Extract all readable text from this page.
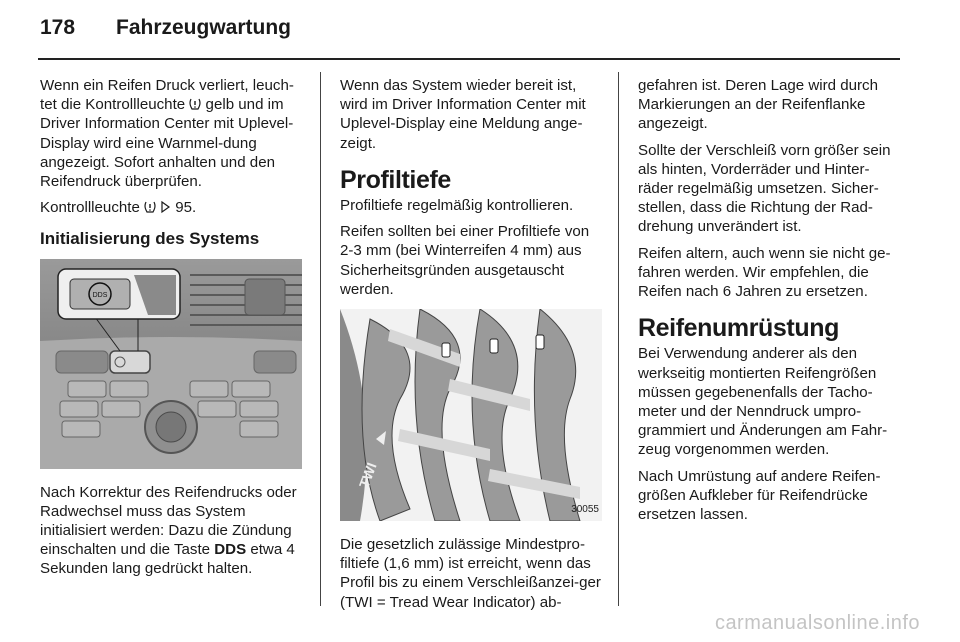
178	Fahrzeugwartung

Wenn ein Reifen Druck verliert, leuch-tet die Kontrollleuchte  gelb und im Driver Information Center mit Uplevel-Display wird eine Warnmel-dung angezeigt. Sofort anhalten und den Reifendruck überprüfen.

Kontrollleuchte  95.

Initialisierung des Systems
DDS

Nach Korrektur des Reifendrucks oder Radwechsel muss das System initialisiert werden: Dazu die Zündung einschalten und die Taste DDS etwa 4 Sekunden lang gedrückt halten.

Wenn das System wieder bereit ist, wird im Driver Information Center mit Uplevel-Display eine Meldung ange-zeigt.

Profiltiefe

Profiltiefe regelmäßig kontrollieren.

Reifen sollten bei einer Profiltiefe von 2-3 mm (bei Winterreifen 4 mm) aus Sicherheitsgründen ausgetauscht werden.

TWI
30055

Die gesetzlich zulässige Mindestpro-filtiefe (1,6 mm) ist erreicht, wenn das Profil bis zu einem Verschleißanzei-ger (TWI = Tread Wear Indicator) ab-

gefahren ist. Deren Lage wird durch Markierungen an der Reifenflanke angezeigt.

Sollte der Verschleiß vorn größer sein als hinten, Vorderräder und Hinter-räder regelmäßig umsetzen. Sicher-stellen, dass die Richtung der Rad-drehung unverändert ist.

Reifen altern, auch wenn sie nicht ge-fahren werden. Wir empfehlen, die Reifen nach 6 Jahren zu ersetzen.

Reifenumrüstung

Bei Verwendung anderer als den werkseitig montierten Reifengrößen müssen gegebenenfalls der Tacho-meter und der Nenndruck umpro-grammiert und Änderungen am Fahr-zeug vorgenommen werden.

Nach Umrüstung auf andere Reifen-größen Aufkleber für Reifendrücke ersetzen lassen.

carmanualsonline.info
